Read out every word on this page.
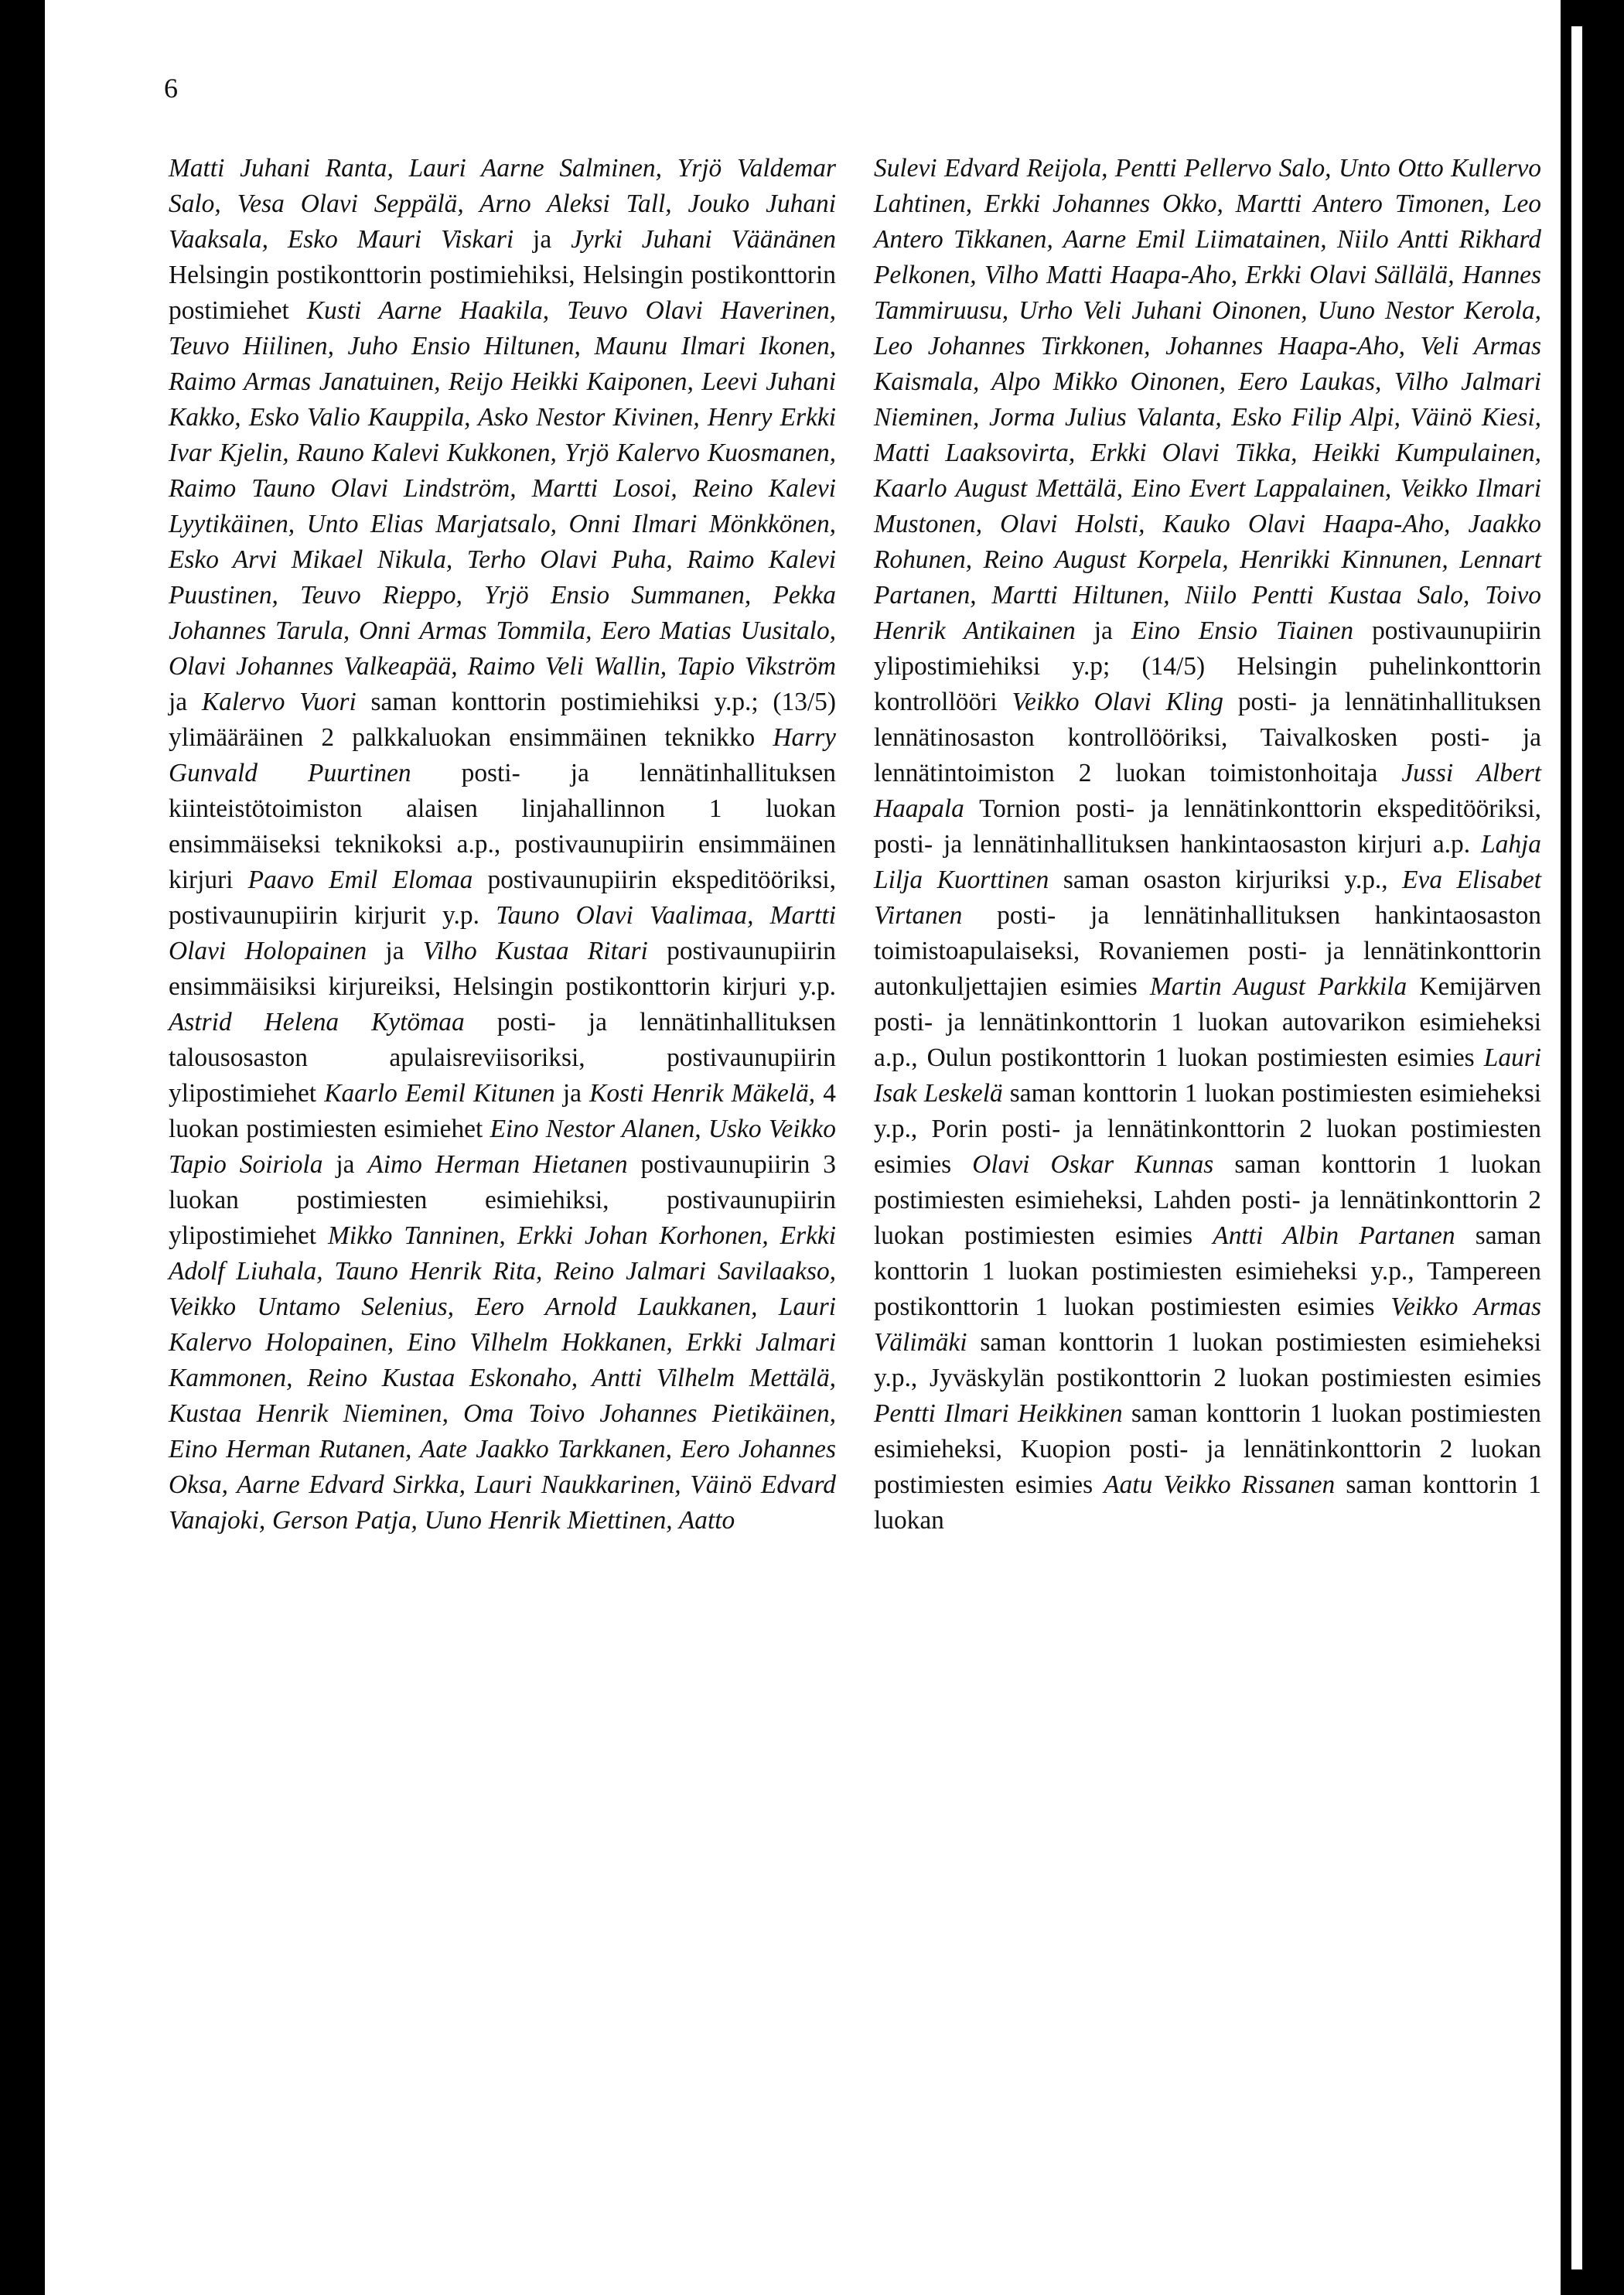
6

Matti Juhani Ranta, Lauri Aarne Salminen, Yrjö Valdemar Salo, Vesa Olavi Seppälä, Arno Aleksi Tall, Jouko Juhani Vaaksala, Esko Mauri Viskari ja Jyrki Juhani Väänänen Helsingin postikonttorin postimiehiksi, Helsingin postikonttorin postimiehet Kusti Aarne Haakila, Teuvo Olavi Haverinen, Teuvo Hiilinen, Juho Ensio Hiltunen, Maunu Ilmari Ikonen, Raimo Armas Janatuinen, Reijo Heikki Kaiponen, Leevi Juhani Kakko, Esko Valio Kauppila, Asko Nestor Kivinen, Henry Erkki Ivar Kjelin, Rauno Kalevi Kukkonen, Yrjö Kalervo Kuosmanen, Raimo Tauno Olavi Lindström, Martti Losoi, Reino Kalevi Lyytikäinen, Unto Elias Marjatsalo, Onni Ilmari Mönkkönen, Esko Arvi Mikael Nikula, Terho Olavi Puha, Raimo Kalevi Puustinen, Teuvo Rieppo, Yrjö Ensio Summanen, Pekka Johannes Tarula, Onni Armas Tommila, Eero Matias Uusitalo, Olavi Johannes Valkeapää, Raimo Veli Wallin, Tapio Vikström ja Kalervo Vuori saman konttorin postimiehiksi y.p.; (13/5) ylimääräinen 2 palkkaluokan ensimmäinen teknikko Harry Gunvald Puurtinen posti- ja lennätinhallituksen kiinteistötoimiston alaisen linjahallinnon 1 luokan ensimmäiseksi teknikoksi a.p., postivaunupiirin ensimmäinen kirjuri Paavo Emil Elomaa postivaunupiirin ekspeditööriksi, postivaunupiirin kirjurit y.p. Tauno Olavi Vaalimaa, Martti Olavi Holopainen ja Vilho Kustaa Ritari postivaunupiirin ensimmäisiksi kirjureiksi, Helsingin postikonttorin kirjuri y.p. Astrid Helena Kytömaa posti- ja lennätinhallituksen talousosaston apulaisreviisoriksi, postivaunupiirin ylipostimiehet Kaarlo Eemil Kitunen ja Kosti Henrik Mäkelä, 4 luokan postimiesten esimiehet Eino Nestor Alanen, Usko Veikko Tapio Soiriola ja Aimo Herman Hietanen postivaunupiirin 3 luokan postimiesten esimiehiksi, postivaunupiirin ylipostimiehet Mikko Tanninen, Erkki Johan Korhonen, Erkki Adolf Liuhala, Tauno Henrik Rita, Reino Jalmari Savilaakso, Veikko Untamo Selenius, Eero Arnold Laukkanen, Lauri Kalervo Holopainen, Eino Vilhelm Hokkanen, Erkki Jalmari Kammonen, Reino Kustaa Eskonaho, Antti Vilhelm Mettälä, Kustaa Henrik Nieminen, Oma Toivo Johannes Pietikäinen, Eino Herman Rutanen, Aate Jaakko Tarkkanen, Eero Johannes Oksa, Aarne Edvard Sirkka, Lauri Naukkarinen, Väinö Edvard Vanajoki, Gerson Patja, Uuno Henrik Miettinen, Aatto

Sulevi Edvard Reijola, Pentti Pellervo Salo, Unto Otto Kullervo Lahtinen, Erkki Johannes Okko, Martti Antero Timonen, Leo Antero Tikkanen, Aarne Emil Liimatainen, Niilo Antti Rikhard Pelkonen, Vilho Matti Haapa-Aho, Erkki Olavi Sällälä, Hannes Tammiruusu, Urho Veli Juhani Oinonen, Uuno Nestor Kerola, Leo Johannes Tirkkonen, Johannes Haapa-Aho, Veli Armas Kaismala, Alpo Mikko Oinonen, Eero Laukas, Vilho Jalmari Nieminen, Jorma Julius Valanta, Esko Filip Alpi, Väinö Kiesi, Matti Laaksovirta, Erkki Olavi Tikka, Heikki Kumpulainen, Kaarlo August Mettälä, Eino Evert Lappalainen, Veikko Ilmari Mustonen, Olavi Holsti, Kauko Olavi Haapa-Aho, Jaakko Rohunen, Reino August Korpela, Henrikki Kinnunen, Lennart Partanen, Martti Hiltunen, Niilo Pentti Kustaa Salo, Toivo Henrik Antikainen ja Eino Ensio Tiainen postivaunupiirin ylipostimiehiksi y.p; (14/5) Helsingin puhelinkonttorin kontrollööri Veikko Olavi Kling posti- ja lennätinhallituksen lennätinosaston kontrollööriksi, Taivalkosken posti- ja lennätintoimiston 2 luokan toimistonhoitaja Jussi Albert Haapala Tornion posti- ja lennätinkonttorin ekspeditööriksi, posti- ja lennätinhallituksen hankintaosaston kirjuri a.p. Lahja Lilja Kuorttinen saman osaston kirjuriksi y.p., Eva Elisabet Virtanen posti- ja lennätinhallituksen hankintaosaston toimistoapulaiseksi, Rovaniemen posti- ja lennätinkonttorin autonkuljettajien esimies Martin August Parkkila Kemijärven posti- ja lennätinkonttorin 1 luokan autovarikon esimieheksi a.p., Oulun postikonttorin 1 luokan postimiesten esimies Lauri Isak Leskelä saman konttorin 1 luokan postimiesten esimieheksi y.p., Porin posti- ja lennätinkonttorin 2 luokan postimiesten esimies Olavi Oskar Kunnas saman konttorin 1 luokan postimiesten esimieheksi, Lahden posti- ja lennätinkonttorin 2 luokan postimiesten esimies Antti Albin Partanen saman konttorin 1 luokan postimiesten esimieheksi y.p., Tampereen postikonttorin 1 luokan postimiesten esimies Veikko Armas Välimäki saman konttorin 1 luokan postimiesten esimieheksi y.p., Jyväskylän postikonttorin 2 luokan postimiesten esimies Pentti Ilmari Heikkinen saman konttorin 1 luokan postimiesten esimieheksi, Kuopion posti- ja lennätinkonttorin 2 luokan postimiesten esimies Aatu Veikko Rissanen saman konttorin 1 luokan
